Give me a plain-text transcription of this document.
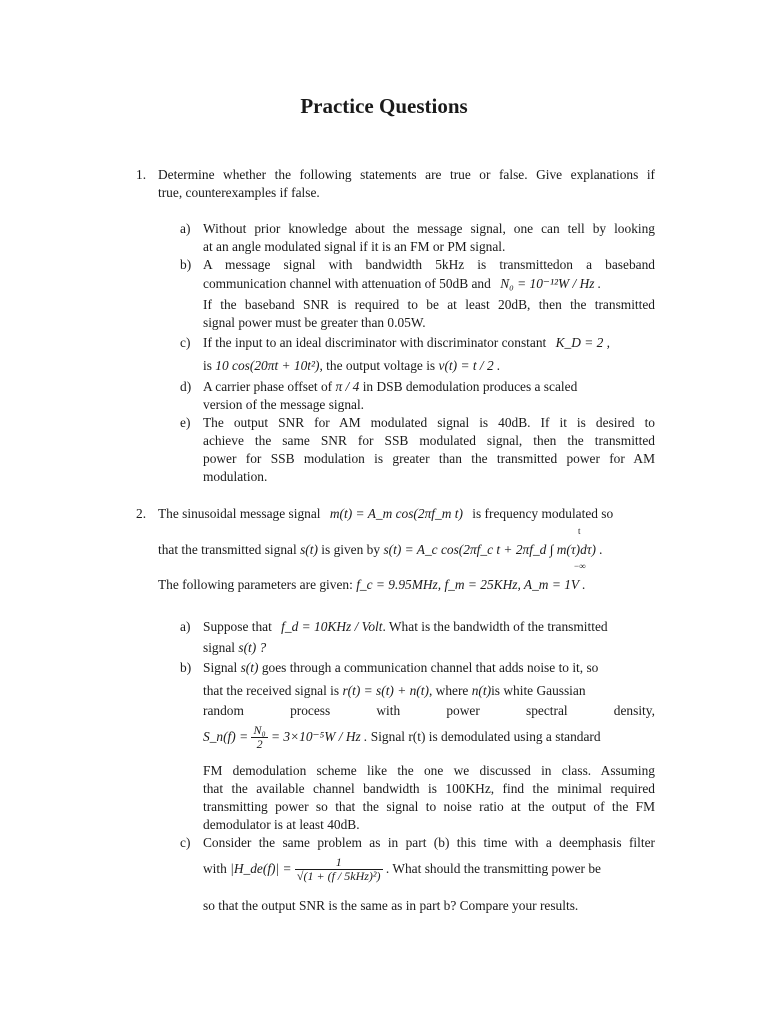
Practice Questions
1. Determine whether the following statements are true or false. Give explanations if
true, counterexamples if false.
a) Without prior knowledge about the message signal, one can tell by looking
at an angle modulated signal if it is an FM or PM signal.
b) A message signal with bandwidth 5kHz is transmittedon a baseband
communication channel with attenuation of 50dB and N₀ = 10⁻¹²W / Hz .
If the baseband SNR is required to be at least 20dB, then the transmitted
signal power must be greater than 0.05W.
c) If the input to an ideal discriminator with discriminator constant K_D = 2 ,
is 10 cos(20πt + 10t²), the output voltage is v(t) = t / 2 .
d) A carrier phase offset of π / 4 in DSB demodulation produces a scaled
version of the message signal.
e) The output SNR for AM modulated signal is 40dB. If it is desired to
achieve the same SNR for SSB modulated signal, then the transmitted
power for SSB modulation is greater than the transmitted power for AM
modulation.
2. The sinusoidal message signal m(t) = A_m cos(2πf_m t) is frequency modulated so
that the transmitted signal s(t) is given by s(t) = A_c cos(2πf_c t + 2πf_d ∫ m(τ)dτ) .
t
−∞
The following parameters are given: f_c = 9.95MHz, f_m = 25KHz, A_m = 1V .
a) Suppose that f_d = 10KHz / Volt. What is the bandwidth of the transmitted
signal s(t) ?
b) Signal s(t) goes through a communication channel that adds noise to it, so
that the received signal is r(t) = s(t) + n(t), where n(t)is white Gaussian
random	process	with	power	spectral	density,
S_n(f) = $\frac{\text{N₀}}{2} = 3\times 10^{-5}W / Hz$ . Signal r(t) is demodulated using a standard
FM demodulation scheme like the one we discussed in class. Assuming
that the available channel bandwidth is 100KHz, find the minimal required
transmitting power so that the signal to noise ratio at the output of the FM
demodulator is at least 40dB.
c) Consider the same problem as in part (b) this time with a deemphasis filter
with |H_de(f)| = $\frac{1}{\text{√(1 + (f / 5kHz)²)}}$ . What should the transmitting power be
so that the output SNR is the same as in part b? Compare your results.
